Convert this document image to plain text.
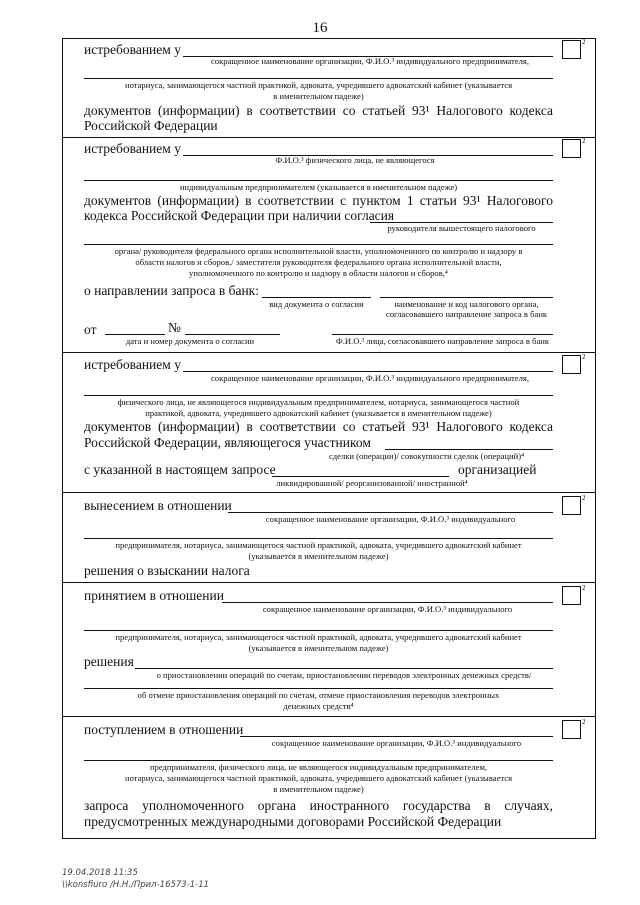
16
истребованием у	2
сокращенное наименование организации, Ф.И.О.³ индивидуального предпринимателя,
нотариуса, занимающегося частной практикой, адвоката, учредившего адвокатский кабинет (указывается
в именительном падеже)
документов (информации) в соответствии со статьей 93¹ Налогового кодекса
Российской Федерации
истребованием у	2
Ф.И.О.³ физического лица, не являющегося
индивидуальным предпринимателем (указывается в именительном падеже)
документов (информации) в соответствии с пунктом 1 статьи 93¹ Налогового
кодекса Российской Федерации при наличии согласия
руководителя вышестоящего налогового
органа/ руководителя федерального органа исполнительной власти, уполномоченного по контролю и надзору в
области налогов и сборов,/ заместителя руководителя федерального органа исполнительной власти,
уполномоченного по контролю и надзору в области налогов и сборов,⁴
о направлении запроса в банк:
вид документа о согласии	наименование и код налогового органа,
согласовавшего направление запроса в банк
от	№
дата и номер документа о согласии	Ф.И.О.³ лица, согласовавшего направление запроса в банк
истребованием у	2
сокращенное наименование организации, Ф.И.О.³ индивидуального предпринимателя,
физического лица, не являющегося индивидуальным предпринимателем, нотариуса, занимающегося частной
практикой, адвоката, учредившего адвокатский кабинет (указывается в именительном падеже)
документов (информации) в соответствии со статьей 93¹ Налогового кодекса
Российской Федерации, являющегося участником
сделки (операции)/ совокупности сделок (операций)⁴
с указанной в настоящем запросе	организацией
ликвидированной/ реорганизованной/ иностранной⁴
вынесением в отношении	2
сокращенное наименование организации, Ф.И.О.³ индивидуального
предпринимателя, нотариуса, занимающегося частной практикой, адвоката, учредившего адвокатский кабинет
(указывается в именительном падеже)
решения о взыскании налога
принятием в отношении	2
сокращенное наименование организации, Ф.И.О.³ индивидуального
предпринимателя, нотариуса, занимающегося частной практикой, адвоката, учредившего адвокатский кабинет
(указывается в именительном падеже)
решения
о приостановлении операций по счетам, приостановлении переводов электронных денежных средств/
об отмене приостановления операций по счетам, отмене приостановления переводов электронных
денежных средств⁴
поступлением в отношении	2
сокращенное наименование организации, Ф.И.О.³ индивидуального
предпринимателя, физического лица, не являющегося индивидуальным предпринимателем,
нотариуса, занимающегося частной практикой, адвоката, учредившего адвокатский кабинет (указывается
в именительном падеже)
запроса уполномоченного органа иностранного государства в случаях,
предусмотренных международными договорами Российской Федерации
19.04.2018 11:35
\\konsfiuro /Н.Н./Прил-16573-1-11
